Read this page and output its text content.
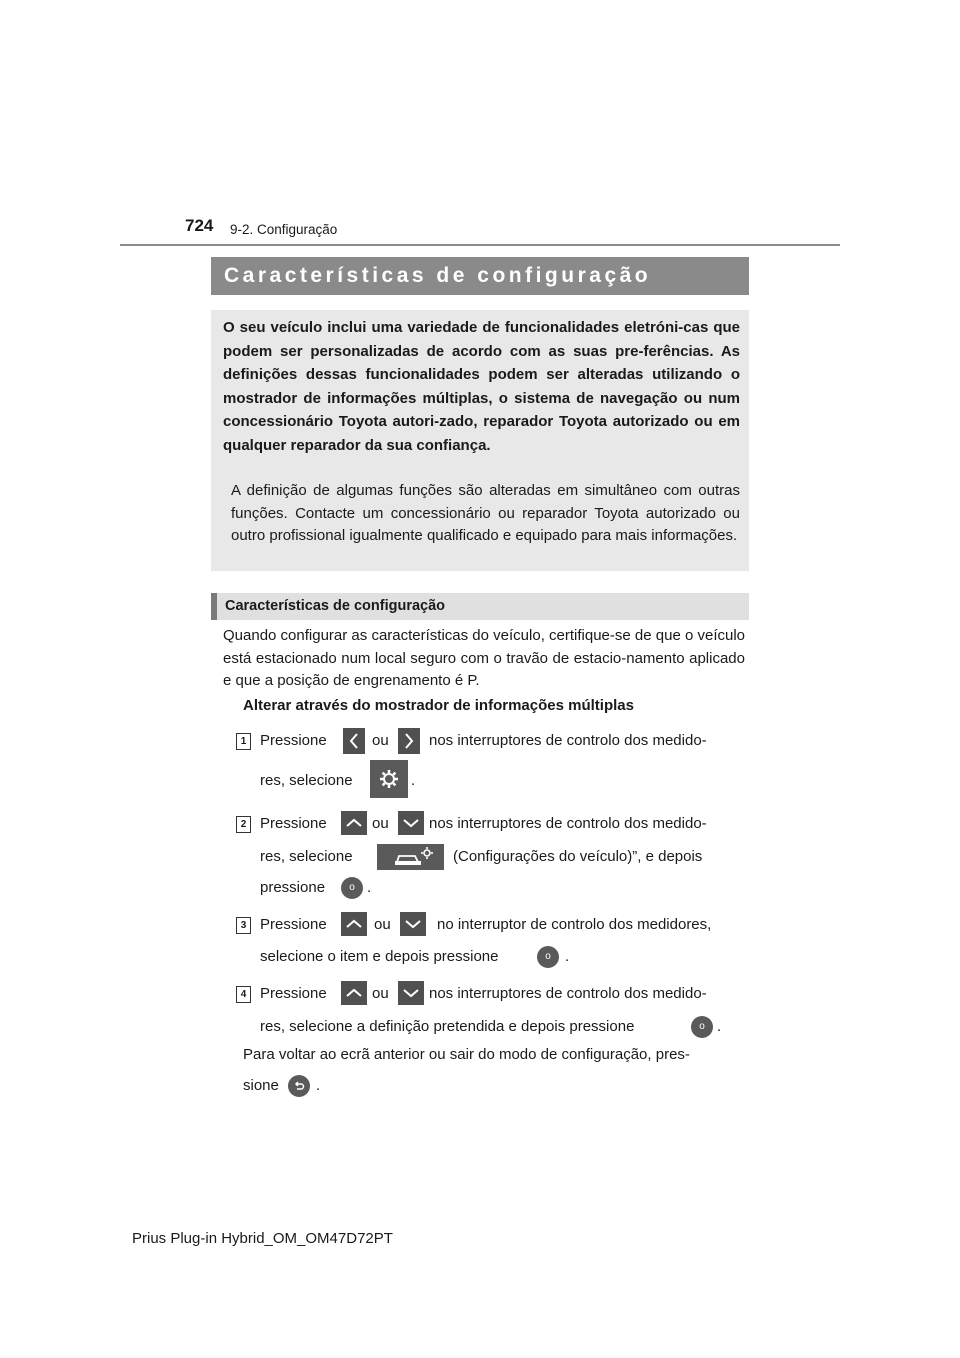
724 9-2. Configuração
Características de configuração
O seu veículo inclui uma variedade de funcionalidades eletróni-cas que podem ser personalizadas de acordo com as suas pre-ferências. As definições dessas funcionalidades podem ser alteradas utilizando o mostrador de informações múltiplas, o sistema de navegação ou num concessionário Toyota autori-zado, reparador Toyota autorizado ou em qualquer reparador da sua confiança.
A definição de algumas funções são alteradas em simultâneo com outras funções. Contacte um concessionário ou reparador Toyota autorizado ou outro profissional igualmente qualificado e equipado para mais informações.
Características de configuração
Quando configurar as características do veículo, certifique-se de que o veículo está estacionado num local seguro com o travão de estacio-namento aplicado e que a posição de engrenamento é P.
Alterar através do mostrador de informações múltiplas
1 Pressione	ou	nos interruptores de controlo dos medido-
res, selecione	.
2 Pressione	ou	nos interruptores de controlo dos medido-
res, selecione	(Configurações do veículo)”, e depois
pressione	o .
3 Pressione	ou	no interruptor de controlo dos medidores,
selecione o item e depois pressione	o .
4 Pressione	ou	nos interruptores de controlo dos medido-
res, selecione a definição pretendida e depois pressione	o .
Para voltar ao ecrã anterior ou sair do modo de configuração, pres-
sione .
Prius Plug-in Hybrid_OM_OM47D72PT
